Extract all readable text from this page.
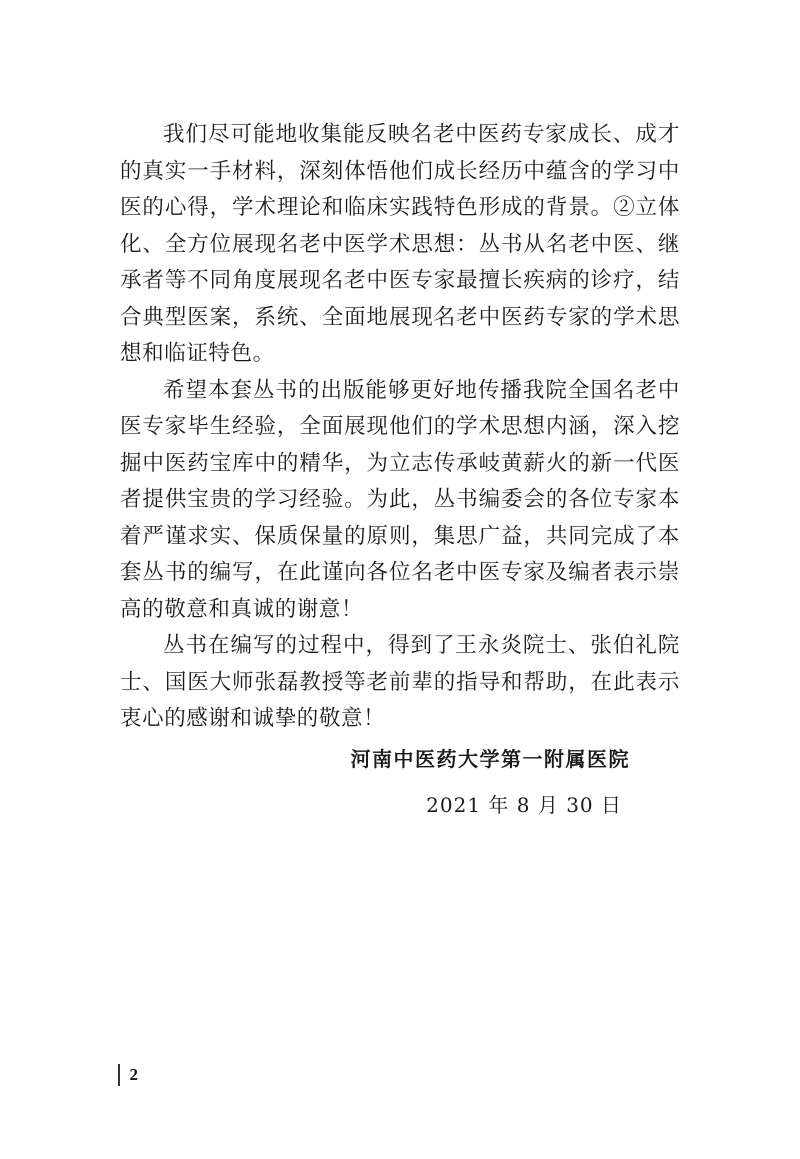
我们尽可能地收集能反映名老中医药专家成长、成才的真实一手材料，深刻体悟他们成长经历中蕴含的学习中医的心得，学术理论和临床实践特色形成的背景。②立体化、全方位展现名老中医学术思想：丛书从名老中医、继承者等不同角度展现名老中医专家最擅长疾病的诊疗，结合典型医案，系统、全面地展现名老中医药专家的学术思想和临证特色。

希望本套丛书的出版能够更好地传播我院全国名老中医专家毕生经验，全面展现他们的学术思想内涵，深入挖掘中医药宝库中的精华，为立志传承岐黄薪火的新一代医者提供宝贵的学习经验。为此，丛书编委会的各位专家本着严谨求实、保质保量的原则，集思广益，共同完成了本套丛书的编写，在此谨向各位名老中医专家及编者表示崇高的敬意和真诚的谢意！

丛书在编写的过程中，得到了王永炎院士、张伯礼院士、国医大师张磊教授等老前辈的指导和帮助，在此表示衷心的感谢和诚挚的敬意！

河南中医药大学第一附属医院
2021 年 8 月 30 日
2
